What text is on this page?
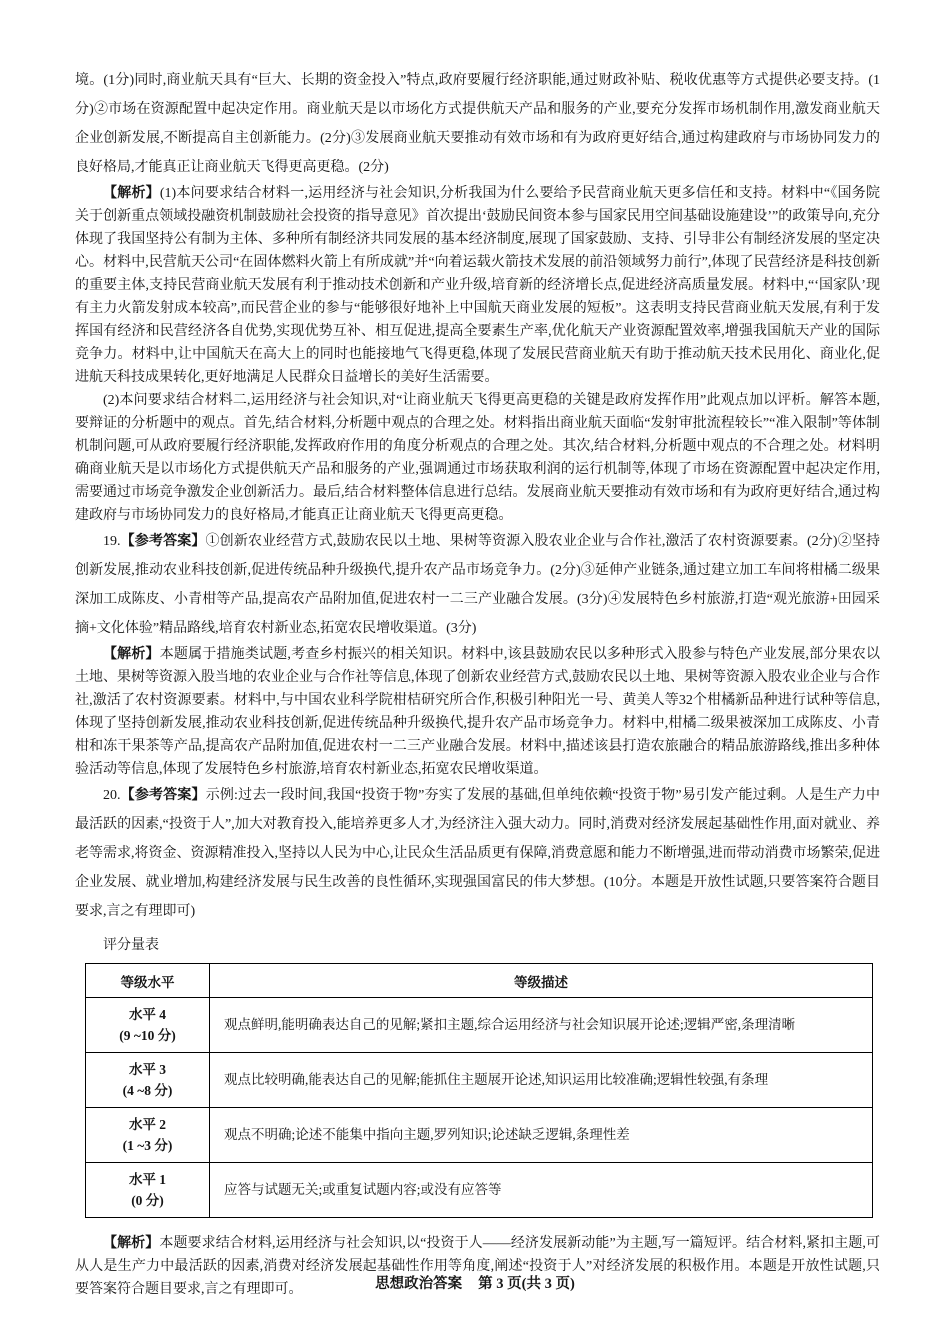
境。(1分)同时,商业航天具有“巨大、长期的资金投入”特点,政府要履行经济职能,通过财政补贴、税收优惠等方式提供必要支持。(1分)②市场在资源配置中起决定作用。商业航天是以市场化方式提供航天产品和服务的产业,要充分发挥市场机制作用,激发商业航天企业创新发展,不断提高自主创新能力。(2分)③发展商业航天要推动有效市场和有为政府更好结合,通过构建政府与市场协同发力的良好格局,才能真正让商业航天飞得更高更稳。(2分)

【解析】(1)本问要求结合材料一,运用经济与社会知识,分析我国为什么要给予民营商业航天更多信任和支持。材料中“《国务院关于创新重点领域投融资机制鼓励社会投资的指导意见》首次提出‘鼓励民间资本参与国家民用空间基础设施建设’”的政策导向,充分体现了我国坚持公有制为主体、多种所有制经济共同发展的基本经济制度,展现了国家鼓励、支持、引导非公有制经济发展的坚定决心。材料中,民营航天公司“在固体燃料火箭上有所成就”并“向着运载火箭技术发展的前沿领域努力前行”,体现了民营经济是科技创新的重要主体,支持民营商业航天发展有利于推动技术创新和产业升级,培育新的经济增长点,促进经济高质量发展。材料中,“‘国家队’现有主力火箭发射成本较高”,而民营企业的参与“能够很好地补上中国航天商业发展的短板”。这表明支持民营商业航天发展,有利于发挥国有经济和民营经济各自优势,实现优势互补、相互促进,提高全要素生产率,优化航天产业资源配置效率,增强我国航天产业的国际竞争力。材料中,让中国航天在高大上的同时也能接地气飞得更稳,体现了发展民营商业航天有助于推动航天技术民用化、商业化,促进航天科技成果转化,更好地满足人民群众日益增长的美好生活需要。

(2)本问要求结合材料二,运用经济与社会知识,对“让商业航天飞得更高更稳的关键是政府发挥作用”此观点加以评析。解答本题,要辩证的分析题中的观点。首先,结合材料,分析题中观点的合理之处。材料指出商业航天面临“发射审批流程较长”“准入限制”等体制机制问题,可从政府要履行经济职能,发挥政府作用的角度分析观点的合理之处。其次,结合材料,分析题中观点的不合理之处。材料明确商业航天是以市场化方式提供航天产品和服务的产业,强调通过市场获取利润的运行机制等,体现了市场在资源配置中起决定作用,需要通过市场竞争激发企业创新活力。最后,结合材料整体信息进行总结。发展商业航天要推动有效市场和有为政府更好结合,通过构建政府与市场协同发力的良好格局,才能真正让商业航天飞得更高更稳。

19.【参考答案】①创新农业经营方式,鼓励农民以土地、果树等资源入股农业企业与合作社,激活了农村资源要素。(2分)②坚持创新发展,推动农业科技创新,促进传统品种升级换代,提升农产品市场竞争力。(2分)③延伸产业链条,通过建立加工车间将柑橘二级果深加工成陈皮、小青柑等产品,提高农产品附加值,促进农村一二三产业融合发展。(3分)④发展特色乡村旅游,打造“观光旅游+田园采摘+文化体验”精品路线,培育农村新业态,拓宽农民增收渠道。(3分)

【解析】本题属于措施类试题,考查乡村振兴的相关知识。材料中,该县鼓励农民以多种形式入股参与特色产业发展,部分果农以土地、果树等资源入股当地的农业企业与合作社等信息,体现了创新农业经营方式,鼓励农民以土地、果树等资源入股农业企业与合作社,激活了农村资源要素。材料中,与中国农业科学院柑桔研究所合作,积极引种阳光一号、黄美人等32个柑橘新品种进行试种等信息,体现了坚持创新发展,推动农业科技创新,促进传统品种升级换代,提升农产品市场竞争力。材料中,柑橘二级果被深加工成陈皮、小青柑和冻干果茶等产品,提高农产品附加值,促进农村一二三产业融合发展。材料中,描述该县打造农旅融合的精品旅游路线,推出多种体验活动等信息,体现了发展特色乡村旅游,培育农村新业态,拓宽农民增收渠道。

20.【参考答案】示例:过去一段时间,我国“投资于物”夯实了发展的基础,但单纯依赖“投资于物”易引发产能过剩。人是生产力中最活跃的因素,“投资于人”,加大对教育投入,能培养更多人才,为经济注入强大动力。同时,消费对经济发展起基础性作用,面对就业、养老等需求,将资金、资源精准投入,坚持以人民为中心,让民众生活品质更有保障,消费意愿和能力不断增强,进而带动消费市场繁荣,促进企业发展、就业增加,构建经济发展与民生改善的良性循环,实现强国富民的伟大梦想。(10分。本题是开放性试题,只要答案符合题目要求,言之有理即可)

评分量表
等级水平	等级描述

水平 4
(9 ~10 分)	观点鲜明,能明确表达自己的见解;紧扣主题,综合运用经济与社会知识展开论述;逻辑严密,条理清晰

水平 3
(4 ~8 分)	观点比较明确,能表达自己的见解;能抓住主题展开论述,知识运用比较准确;逻辑性较强,有条理

水平 2
(1 ~3 分)	观点不明确;论述不能集中指向主题,罗列知识;论述缺乏逻辑,条理性差

水平 1
(0 分)	应答与试题无关;或重复试题内容;或没有应答等

【解析】本题要求结合材料,运用经济与社会知识,以“投资于人——经济发展新动能”为主题,写一篇短评。结合材料,紧扣主题,可从人是生产力中最活跃的因素,消费对经济发展起基础性作用等角度,阐述“投资于人”对经济发展的积极作用。本题是开放性试题,只要答案符合题目要求,言之有理即可。	思想政治答案 第 3 页(共 3 页)
